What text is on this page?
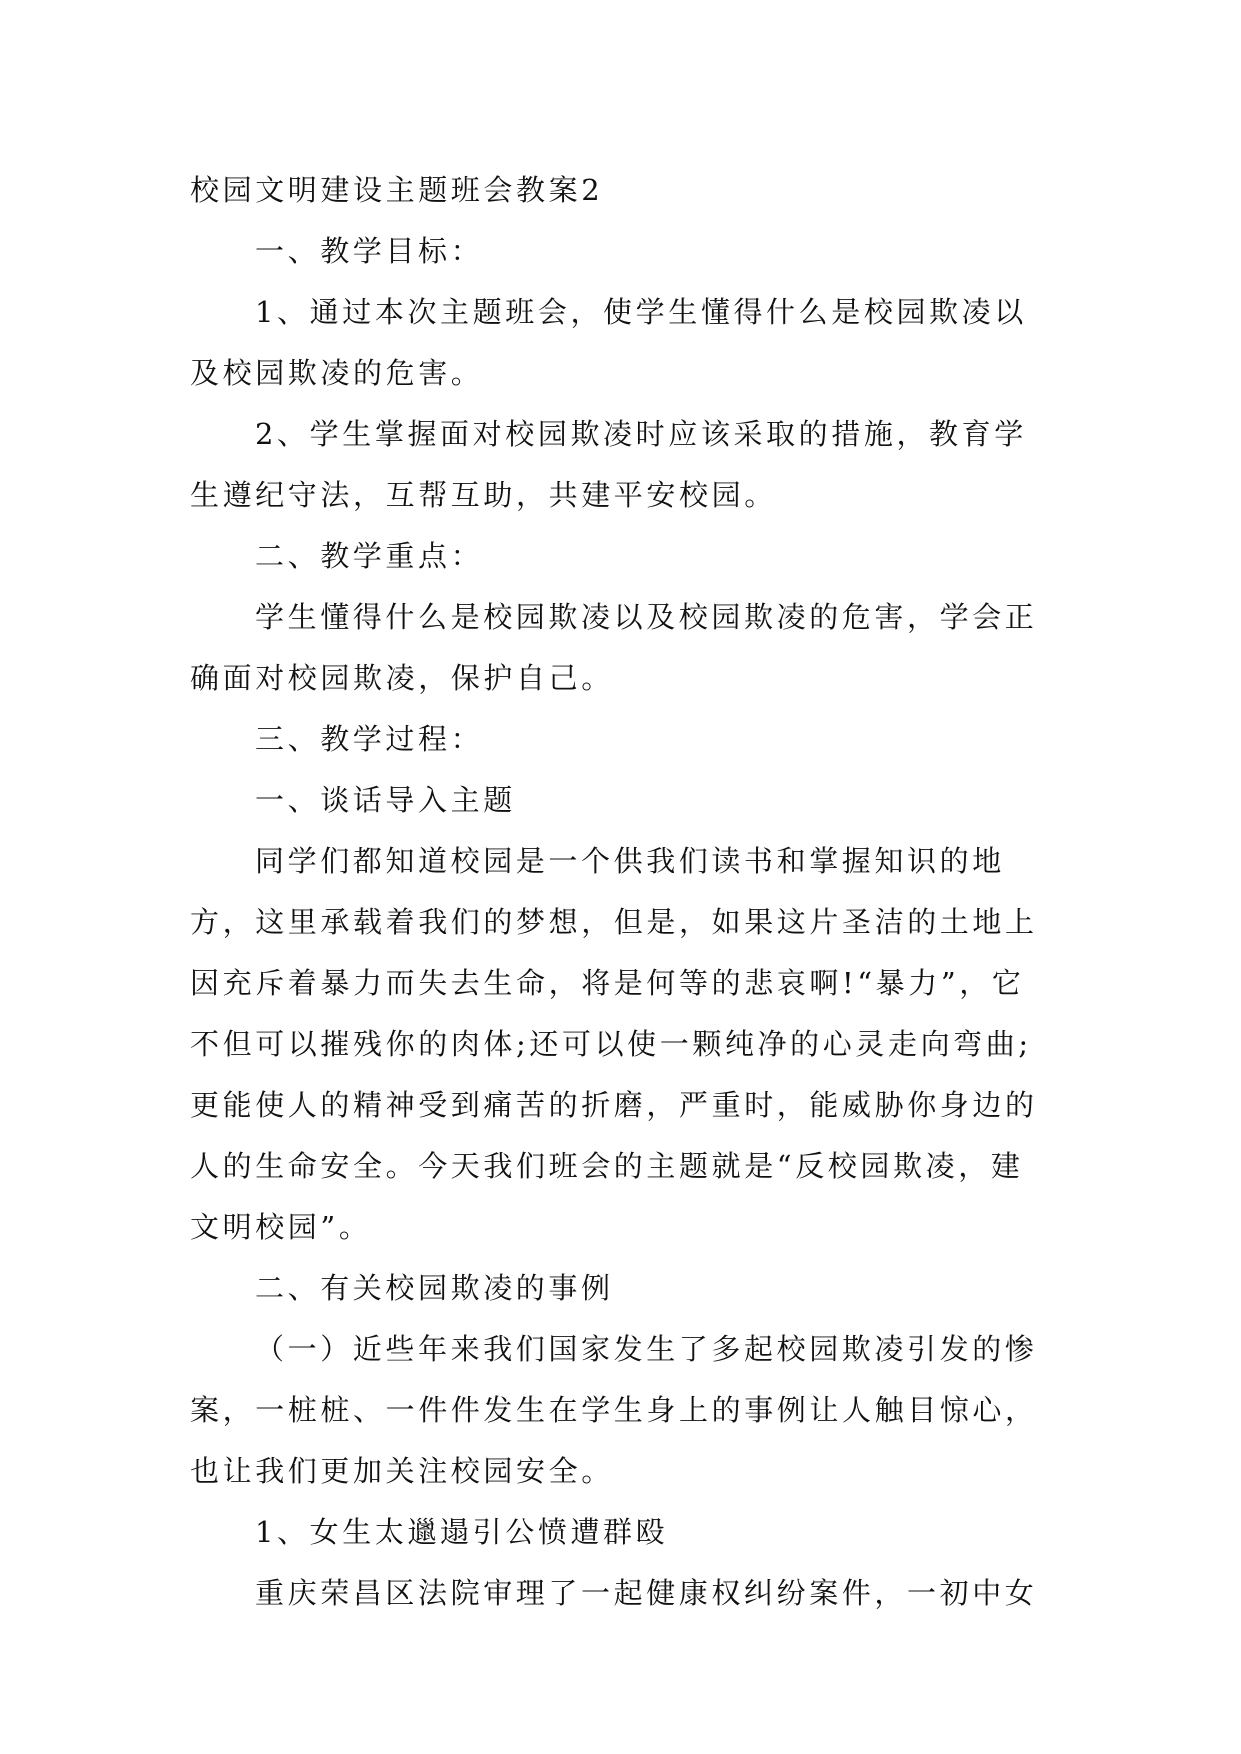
校园文明建设主题班会教案2

一、教学目标：

1、通过本次主题班会，使学生懂得什么是校园欺凌以
及校园欺凌的危害。

2、学生掌握面对校园欺凌时应该采取的措施，教育学
生遵纪守法，互帮互助，共建平安校园。

二、教学重点：

学生懂得什么是校园欺凌以及校园欺凌的危害，学会正
确面对校园欺凌，保护自己。

三、教学过程：

一、谈话导入主题

同学们都知道校园是一个供我们读书和掌握知识的地
方，这里承载着我们的梦想，但是，如果这片圣洁的土地上
因充斥着暴力而失去生命，将是何等的悲哀啊!“暴力”，它
不但可以摧残你的肉体;还可以使一颗纯净的心灵走向弯曲;
更能使人的精神受到痛苦的折磨，严重时，能威胁你身边的
人的生命安全。今天我们班会的主题就是“反校园欺凌，建
文明校园”。

二、有关校园欺凌的事例

（一）近些年来我们国家发生了多起校园欺凌引发的惨
案，一桩桩、一件件发生在学生身上的事例让人触目惊心，
也让我们更加关注校园安全。

1、女生太邋遢引公愤遭群殴

重庆荣昌区法院审理了一起健康权纠纷案件，一初中女
